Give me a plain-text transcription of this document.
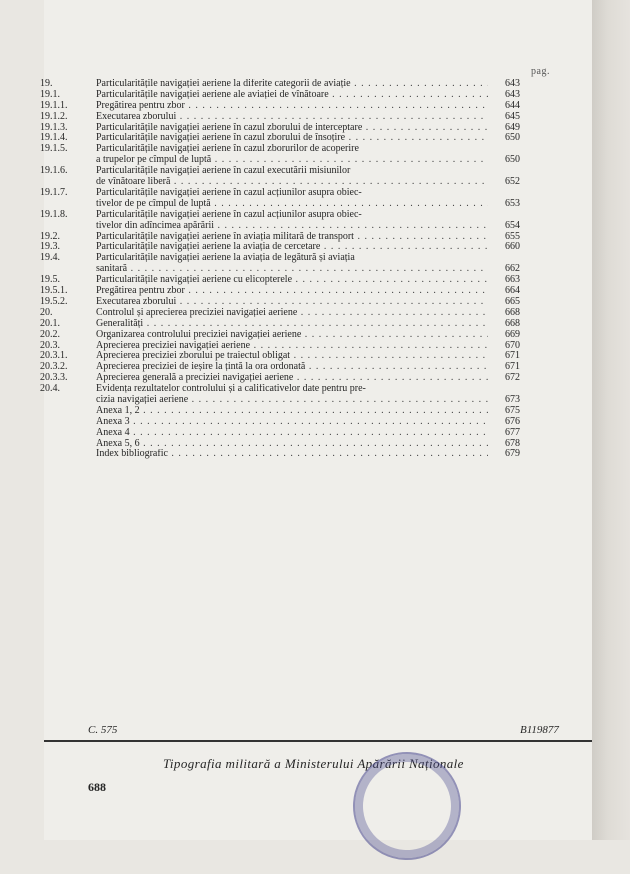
pag.
19.	Particularitățile navigației aeriene la diferite categorii de aviație . . .	643
19.1.	Particularitățile navigației aeriene ale aviației de vînătoare . . .	643
19.1.1.	Pregătirea pentru zbor . . .	644
19.1.2.	Executarea zborului . . .	645
19.1.3.	Particularitățile navigației aeriene în cazul zborului de interceptare . . .	649
19.1.4.	Particularitățile navigației aeriene în cazul zborului de însoțire . . .	650
19.1.5.	Particularitățile navigației aeriene în cazul zborurilor de acoperire
a trupelor pe cîmpul de luptă . . .	650
19.1.6.	Particularitățile navigației aeriene în cazul executării misiunilor
de vînătoare liberă . . .	652
19.1.7.	Particularitățile navigației aeriene în cazul acțiunilor asupra obiec-
tivelor de pe cîmpul de luptă . . .	653
19.1.8.	Particularitățile navigației aeriene în cazul acțiunilor asupra obiec-
tivelor din adîncimea apărării . . .	654
19.2.	Particularitățile navigației aeriene în aviația militară de transport . . .	655
19.3.	Particularitățile navigației aeriene la aviația de cercetare . . .	660
19.4.	Particularitățile navigației aeriene la aviația de legătură și aviația
sanitară . . .	662
19.5.	Particularitățile navigației aeriene cu elicopterele . . .	663
19.5.1.	Pregătirea pentru zbor . . .	664
19.5.2.	Executarea zborului . . .	665
20.	Controlul și aprecierea preciziei navigației aeriene . . .	668
20.1.	Generalități . . .	668
20.2.	Organizarea controlului preciziei navigației aeriene . . .	669
20.3.	Aprecierea preciziei navigației aeriene . . .	670
20.3.1.	Aprecierea preciziei zborului pe traiectul obligat . . .	671
20.3.2.	Aprecierea preciziei de ieșire la țintă la ora ordonată . . .	671
20.3.3.	Aprecierea generală a preciziei navigației aeriene . . .	672
20.4.	Evidența rezultatelor controlului și a calificativelor date pentru pre-
cizia navigației aeriene . . .	673
Anexa 1, 2 . . .	675
Anexa 3 . . .	676
Anexa 4 . . .	677
Anexa 5, 6 . . .	678
Index bibliografic . . .	679
C. 575	B119877
Tipografia militară a Ministerului Apărării Naționale
688
